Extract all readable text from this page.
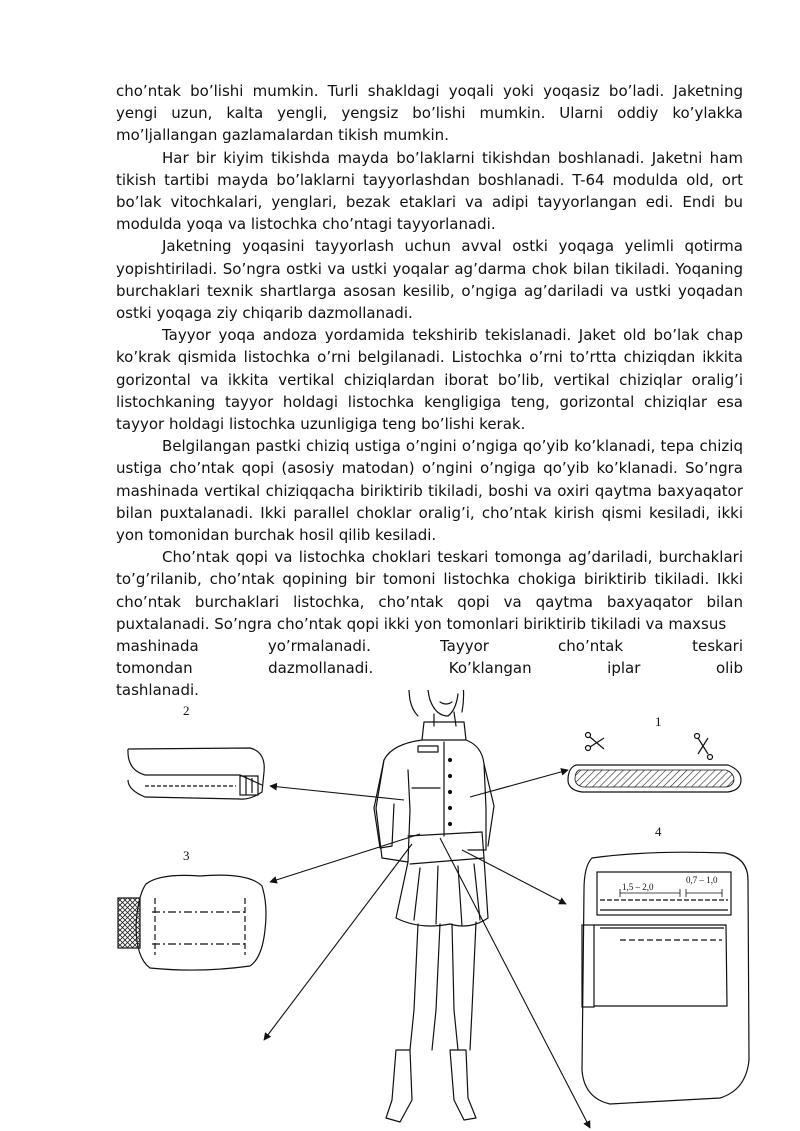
cho’ntak bo’lishi mumkin. Turli shakldagi yoqali yoki yoqasiz bo’ladi. Jaketning yengi uzun, kalta yengli, yengsiz bo’lishi mumkin. Ularni oddiy ko’ylakka mo’ljallangan gazlamalardan tikish mumkin.

Har bir kiyim tikishda mayda bo’laklarni tikishdan boshlanadi. Jaketni ham tikish tartibi mayda bo’laklarni tayyorlashdan boshlanadi. T-64 modulda old, ort bo’lak vitochkalari, yenglari, bezak etaklari va adipi tayyorlangan edi. Endi bu modulda yoqa va listochka cho’ntagi tayyorlanadi.

Jaketning yoqasini tayyorlash uchun avval ostki yoqaga yelimli qotirma yopishtiriladi. So’ngra ostki va ustki yoqalar ag’darma chok bilan tikiladi. Yoqaning burchaklari texnik shartlarga asosan kesilib, o’ngiga ag’dariladi va ustki yoqadan ostki yoqaga ziy chiqarib dazmollanadi.

Tayyor yoqa andoza yordamida tekshirib tekislanadi. Jaket old bo’lak chap ko’krak qismida listochka o’rni belgilanadi. Listochka o’rni to’rtta chiziqdan ikkita gorizontal va ikkita vertikal chiziqlardan iborat bo’lib, vertikal chiziqlar oralig’i listochkaning tayyor holdagi listochka kengligiga teng, gorizontal chiziqlar esa tayyor holdagi listochka uzunligiga teng bo’lishi kerak.

Belgilangan pastki chiziq ustiga o’ngini o’ngiga qo’yib ko’klanadi, tepa chiziq ustiga cho’ntak qopi (asosiy matodan) o’ngini o’ngiga qo’yib ko’klanadi. So’ngra mashinada vertikal chiziqqacha biriktirib tikiladi, boshi va oxiri qaytma baxyaqator bilan puxtalanadi. Ikki parallel choklar oralig’i, cho’ntak kirish qismi kesiladi, ikki yon tomonidan burchak hosil qilib kesiladi.

Cho’ntak qopi va listochka choklari teskari tomonga ag’dariladi, burchaklari to’g’rilanib, cho’ntak qopining bir tomoni listochka chokiga biriktirib tikiladi. Ikki cho’ntak burchaklari listochka, cho’ntak qopi va qaytma baxyaqator bilan puxtalanadi. So’ngra cho’ntak qopi ikki yon tomonlari biriktirib tikiladi va maxsus

mashinada yo’rmalanadi. Tayyor cho’ntak teskari

tomondan dazmollanadi. Ko’klangan iplar olib

tashlanadi.

2
1
3
4
1,5 – 2,0
0,7 – 1,0
